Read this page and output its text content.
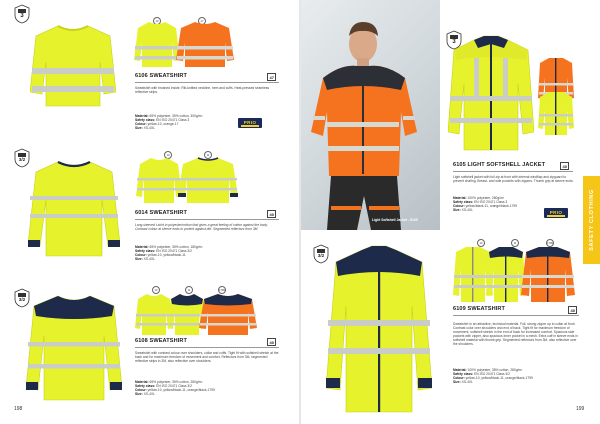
3
10	17
6106 SWEATSHIRT	47
Sweatshirt with brushed inside. Rib-knitted neckline, hem and cuffs. Heat-pressed seamless reflective strips.
Material: 65% polyester, 35% cotton, 300g/m²
Safety class: EN ISO 20471 Class 3
Colour: yellow-10, orange-17
Size: XS-4XL
PRIO
3/2
10	11
6014 SWEATSHIRT	40
Long-sleeved t-shirt in polyester/cotton that gives a great feeling of cotton against the body. Contrast colour at sleeve ends to protect against dirt. Segmented reflectors from 3M.
Material: 65% polyester, 35% cotton, 180g/m²
Safety class: EN ISO 20471 Class 3/2
Colour: yellow-10, yellow/black-11
Size: XS-4XL
3/2
10	11	1799
6108 SWEATSHIRT	40
Sweatshirt with contrast colour over shoulders, collar and cuffs. Tight fit with softshell stretch at the back and for maximum freedom of movement and comfort. Reflectors from 3M, segmented reflective strips in 3M, also reflective over shoulders.
Material: 65% polyester, 35% cotton, 280g/m²
Safety class: EN ISO 20471 Class 3/2
Colour: yellow-10, yellow/black-11, orange/black-1799
Size: XS-4XL
198
Light Softshell Jacket - 6105
3
6105 LIGHT SOFTSHELL JACKET	40
Light softshell jacket with full zip at front with internal windflap and zipguard to prevent chafing. Breast- and side pockets with zippers. Thumb grip at sleeve ends.
Material: 100% polyester, 260g/m²
Safety class: EN ISO 20471 Class 3
Colour: yellow/black-11, orange/black-1799
Size: XS-4XL	PRIO	SAFETY CLOTHING
3/2
10	11	1799
6109 SWEATSHIRT	40
Sweatshirt in an attractive, technical material. Full, strong zipper up to collar at front. Contrast color over shoulders and end of back. Tight fit for maximum freedom of movement, softshell stretch in the end of back for increased comfort. Spacious side pockets with zipper, also spacious inner pocket in a mesh. Extra cuff in sleeve ends in softshell material with thumb grip. Segmented reflectors from 3M, also reflective over the shoulders.
Material: 100% polyester, 35% cotton, 280g/m²
Safety class: EN ISO 20471 Class 3/2
Colour: yellow-10, yellow/black-11, orange/black-1799
Size: XS-4XL
199
